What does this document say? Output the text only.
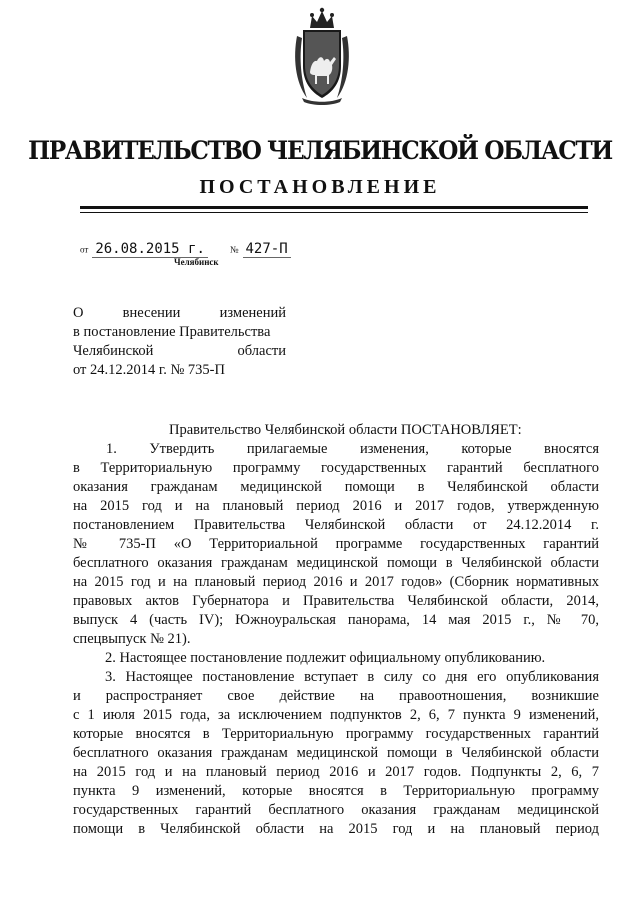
ПРАВИТЕЛЬСТВО ЧЕЛЯБИНСКОЙ ОБЛАСТИ
ПОСТАНОВЛЕНИЕ
от 26.08.2015 г.	№ 427-П
Челябинск
О внесении изменений
в постановление Правительства
Челябинской области
от 24.12.2014 г. № 735-П
Правительство Челябинской области ПОСТАНОВЛЯЕТ:
1. Утвердить прилагаемые изменения, которые вносятся
в Территориальную программу государственных гарантий бесплатного
оказания гражданам медицинской помощи в Челябинской области
на 2015 год и на плановый период 2016 и 2017 годов, утвержденную
постановлением Правительства Челябинской области от 24.12.2014 г.
№ 735-П «О Территориальной программе государственных гарантий
бесплатного оказания гражданам медицинской помощи в Челябинской области
на 2015 год и на плановый период 2016 и 2017 годов» (Сборник нормативных
правовых актов Губернатора и Правительства Челябинской области, 2014,
выпуск 4 (часть IV); Южноуральская панорама, 14 мая 2015 г., № 70,
спецвыпуск № 21).
2. Настоящее постановление подлежит официальному опубликованию.
3. Настоящее постановление вступает в силу со дня его опубликования
и распространяет свое действие на правоотношения, возникшие
с 1 июля 2015 года, за исключением подпунктов 2, 6, 7 пункта 9 изменений,
которые вносятся в Территориальную программу государственных гарантий
бесплатного оказания гражданам медицинской помощи в Челябинской области
на 2015 год и на плановый период 2016 и 2017 годов. Подпункты 2, 6, 7
пункта 9 изменений, которые вносятся в Территориальную программу
государственных гарантий бесплатного оказания гражданам медицинской
помощи в Челябинской области на 2015 год и на плановый период
